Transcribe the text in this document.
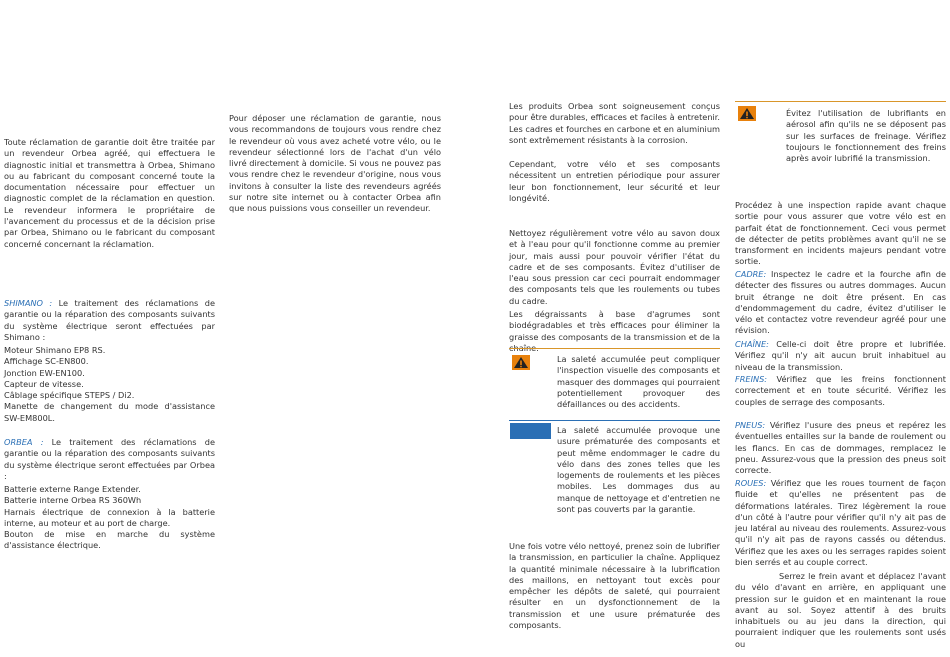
Toute réclamation de garantie doit être traitée par un revendeur Orbea agréé, qui effectuera le diagnostic initial et transmettra à Orbea, Shimano ou au fabricant du composant concerné toute la documentation nécessaire pour effectuer un diagnostic complet de la réclamation en question. Le revendeur informera le propriétaire de l'avancement du processus et de la décision prise par Orbea, Shimano ou le fabricant du composant concerné concernant la réclamation.

SHIMANO : Le traitement des réclamations de garantie ou la réparation des composants suivants du système électrique seront effectuées par Shimano :

Moteur Shimano EP8 RS.

Affichage SC-EN800.

Jonction EW-EN100.

Capteur de vitesse.

Câblage spécifique STEPS / Di2.

Manette de changement du mode d'assistance SW-EM800L.

ORBEA : Le traitement des réclamations de garantie ou la réparation des composants suivants du système électrique seront effectuées par Orbea :

Batterie externe Range Extender.

Batterie interne Orbea RS 360Wh

Harnais électrique de connexion à la batterie interne, au moteur et au port de charge.

Bouton de mise en marche du système d'assistance électrique.

Pour déposer une réclamation de garantie, nous vous recommandons de toujours vous rendre chez le revendeur où vous avez acheté votre vélo, ou le revendeur sélectionné lors de l'achat d'un vélo livré directement à domicile. Si vous ne pouvez pas vous rendre chez le revendeur d'origine, nous vous invitons à consulter la liste des revendeurs agréés sur notre site internet ou à contacter Orbea afin que nous puissions vous conseiller un revendeur.

Les produits Orbea sont soigneusement conçus pour être durables, efficaces et faciles à entretenir. Les cadres et fourches en carbone et en aluminium sont extrêmement résistants à la corrosion.

Cependant, votre vélo et ses composants nécessitent un entretien périodique pour assurer leur bon fonctionnement, leur sécurité et leur longévité.

Nettoyez régulièrement votre vélo au savon doux et à l'eau pour qu'il fonctionne comme au premier jour, mais aussi pour pouvoir vérifier l'état du cadre et de ses composants. Évitez d'utiliser de l'eau sous pression car ceci pourrait endommager des composants tels que les roulements ou tubes du cadre.

Les dégraissants à base d'agrumes sont biodégradables et très efficaces pour éliminer la graisse des composants de la transmission et de la chaîne.

La saleté accumulée peut compliquer l'inspection visuelle des composants et masquer des dommages qui pourraient potentiellement provoquer des défaillances ou des accidents.
La saleté accumulée provoque une usure prématurée des composants et peut même endommager le cadre du vélo dans des zones telles que les logements de roulements et les pièces mobiles. Les dommages dus au manque de nettoyage et d'entretien ne sont pas couverts par la garantie.

Une fois votre vélo nettoyé, prenez soin de lubrifier la transmission, en particulier la chaîne. Appliquez la quantité minimale nécessaire à la lubrification des maillons, en nettoyant tout excès pour empêcher les dépôts de saleté, qui pourraient résulter en un dysfonctionnement de la transmission et une usure prématurée des composants.

Évitez l'utilisation de lubrifiants en aérosol afin qu'ils ne se déposent pas sur les surfaces de freinage. Vérifiez toujours le fonctionnement des freins après avoir lubrifié la transmission.

Procédez à une inspection rapide avant chaque sortie pour vous assurer que votre vélo est en parfait état de fonctionnement. Ceci vous permet de détecter de petits problèmes avant qu'il ne se transforment en incidents majeurs pendant votre sortie.

CADRE: Inspectez le cadre et la fourche afin de détecter des fissures ou autres dommages. Aucun bruit étrange ne doit être présent. En cas d'endommagement du cadre, évitez d'utiliser le vélo et contactez votre revendeur agréé pour une révision.

CHAÎNE: Celle-ci doit être propre et lubrifiée. Vérifiez qu'il n'y ait aucun bruit inhabituel au niveau de la transmission.

FREINS: Vérifiez que les freins fonctionnent correctement et en toute sécurité. Vérifiez les couples de serrage des composants.

PNEUS: Vérifiez l'usure des pneus et repérez les éventuelles entailles sur la bande de roulement ou les flancs. En cas de dommages, remplacez le pneu. Assurez-vous que la pression des pneus soit correcte.

ROUES: Vérifiez que les roues tournent de façon fluide et qu'elles ne présentent pas de déformations latérales. Tirez légèrement la roue d'un côté à l'autre pour vérifier qu'il n'y ait pas de jeu latéral au niveau des roulements. Assurez-vous qu'il n'y ait pas de rayons cassés ou détendus. Vérifiez que les axes ou les serrages rapides soient bien serrés et au couple correct.

Serrez le frein avant et déplacez l'avant du vélo d'avant en arrière, en appliquant une pression sur le guidon et en maintenant la roue avant au sol. Soyez attentif à des bruits inhabituels ou au jeu dans la direction, qui pourraient indiquer que les roulements sont usés ou
